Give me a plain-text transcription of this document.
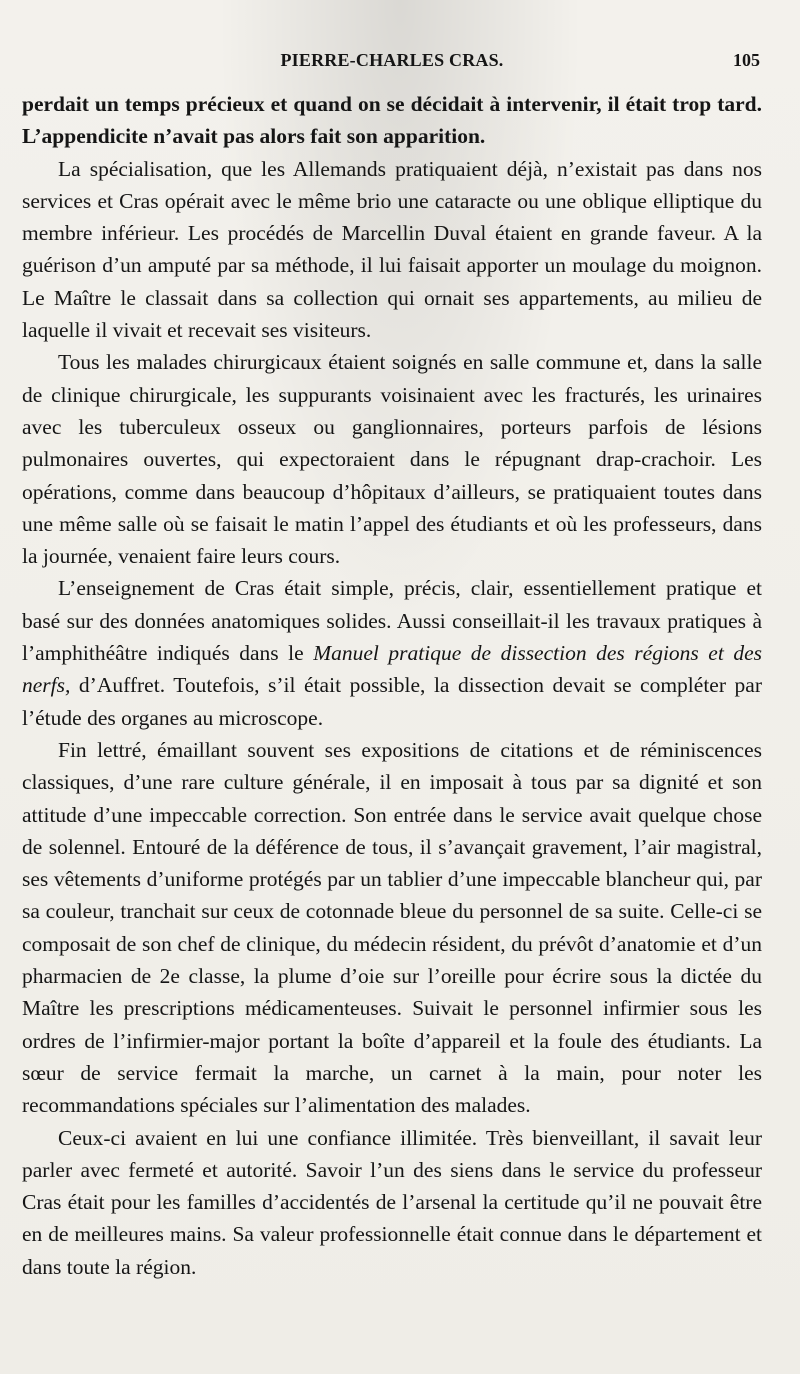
PIERRE-CHARLES CRAS.	105

perdait un temps précieux et quand on se décidait à intervenir, il était trop tard. L’appendicite n’avait pas alors fait son apparition.

La spécialisation, que les Allemands pratiquaient déjà, n’existait pas dans nos services et Cras opérait avec le même brio une cataracte ou une oblique elliptique du membre inférieur. Les procédés de Marcellin Duval étaient en grande faveur. A la guérison d’un amputé par sa méthode, il lui faisait apporter un moulage du moignon. Le Maître le classait dans sa collection qui ornait ses appartements, au milieu de laquelle il vivait et recevait ses visiteurs.

Tous les malades chirurgicaux étaient soignés en salle commune et, dans la salle de clinique chirurgicale, les suppurants voisinaient avec les fracturés, les urinaires avec les tuberculeux osseux ou ganglionnaires, porteurs parfois de lésions pulmonaires ouvertes, qui expectoraient dans le répugnant drap-crachoir. Les opérations, comme dans beaucoup d’hôpitaux d’ailleurs, se pratiquaient toutes dans une même salle où se faisait le matin l’appel des étudiants et où les professeurs, dans la journée, venaient faire leurs cours.

L’enseignement de Cras était simple, précis, clair, essentiellement pratique et basé sur des données anatomiques solides. Aussi conseillait-il les travaux pratiques à l’amphithéâtre indiqués dans le Manuel pratique de dissection des régions et des nerfs, d’Auffret. Toutefois, s’il était possible, la dissection devait se compléter par l’étude des organes au microscope.

Fin lettré, émaillant souvent ses expositions de citations et de réminiscences classiques, d’une rare culture générale, il en imposait à tous par sa dignité et son attitude d’une impeccable correction. Son entrée dans le service avait quelque chose de solennel. Entouré de la déférence de tous, il s’avançait gravement, l’air magistral, ses vêtements d’uniforme protégés par un tablier d’une impeccable blancheur qui, par sa couleur, tranchait sur ceux de cotonnade bleue du personnel de sa suite. Celle-ci se composait de son chef de clinique, du médecin résident, du prévôt d’anatomie et d’un pharmacien de 2e classe, la plume d’oie sur l’oreille pour écrire sous la dictée du Maître les prescriptions médicamenteuses. Suivait le personnel infirmier sous les ordres de l’infirmier-major portant la boîte d’appareil et la foule des étudiants. La sœur de service fermait la marche, un carnet à la main, pour noter les recommandations spéciales sur l’alimentation des malades.

Ceux-ci avaient en lui une confiance illimitée. Très bienveillant, il savait leur parler avec fermeté et autorité. Savoir l’un des siens dans le service du professeur Cras était pour les familles d’accidentés de l’arsenal la certitude qu’il ne pouvait être en de meilleures mains. Sa valeur professionnelle était connue dans le département et dans toute la région.
